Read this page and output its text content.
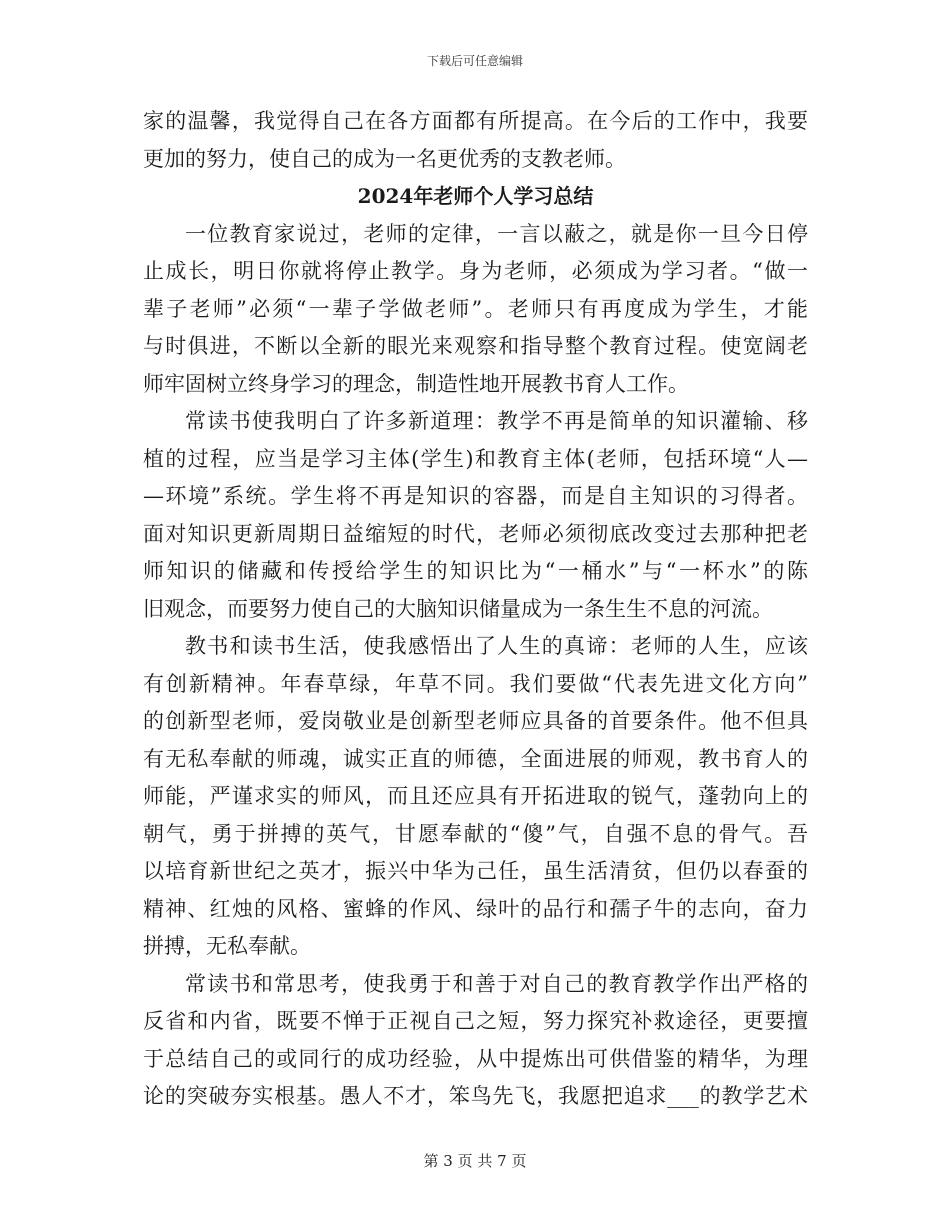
下载后可任意编辑
家的温馨，我觉得自己在各方面都有所提高。在今后的工作中，我要
更加的努力，使自己的成为一名更优秀的支教老师。
2024年老师个人学习总结
一位教育家说过，老师的定律，一言以蔽之，就是你一旦今日停
止成长，明日你就将停止教学。身为老师，必须成为学习者。“做一
辈子老师”必须“一辈子学做老师”。老师只有再度成为学生，才能
与时俱进，不断以全新的眼光来观察和指导整个教育过程。使宽阔老
师牢固树立终身学习的理念，制造性地开展教书育人工作。
常读书使我明白了许多新道理：教学不再是简单的知识灌输、移
植的过程，应当是学习主体(学生)和教育主体(老师，包括环境“人—
—环境”系统。学生将不再是知识的容器，而是自主知识的习得者。
面对知识更新周期日益缩短的时代，老师必须彻底改变过去那种把老
师知识的储藏和传授给学生的知识比为“一桶水”与“一杯水”的陈
旧观念，而要努力使自己的大脑知识储量成为一条生生不息的河流。
教书和读书生活，使我感悟出了人生的真谛：老师的人生，应该
有创新精神。年春草绿，年草不同。我们要做“代表先进文化方向”
的创新型老师，爱岗敬业是创新型老师应具备的首要条件。他不但具
有无私奉献的师魂，诚实正直的师德，全面进展的师观，教书育人的
师能，严谨求实的师风，而且还应具有开拓进取的锐气，蓬勃向上的
朝气，勇于拼搏的英气，甘愿奉献的“傻”气，自强不息的骨气。吾
以培育新世纪之英才，振兴中华为己任，虽生活清贫，但仍以春蚕的
精神、红烛的风格、蜜蜂的作风、绿叶的品行和孺子牛的志向，奋力
拼搏，无私奉献。
常读书和常思考，使我勇于和善于对自己的教育教学作出严格的
反省和内省，既要不惮于正视自己之短，努力探究补救途径，更要擅
于总结自己的或同行的成功经验，从中提炼出可供借鉴的精华，为理
论的突破夯实根基。愚人不才，笨鸟先飞，我愿把追求___的教学艺术
第 3 页 共 7 页
